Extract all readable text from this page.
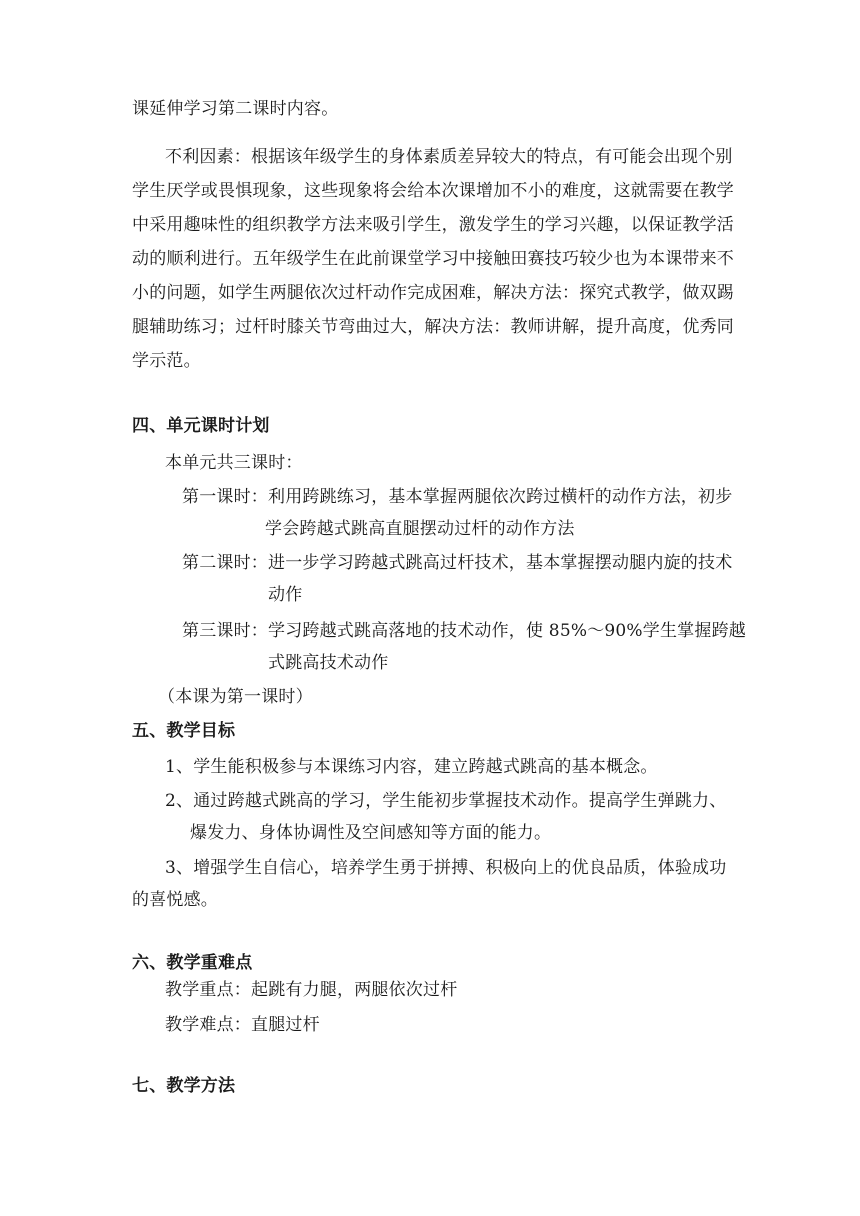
课延伸学习第二课时内容。
不利因素：根据该年级学生的身体素质差异较大的特点，有可能会出现个别
学生厌学或畏惧现象，这些现象将会给本次课增加不小的难度，这就需要在教学
中采用趣味性的组织教学方法来吸引学生，激发学生的学习兴趣，以保证教学活
动的顺利进行。五年级学生在此前课堂学习中接触田赛技巧较少也为本课带来不
小的问题，如学生两腿依次过杆动作完成困难，解决方法：探究式教学，做双踢
腿辅助练习；过杆时膝关节弯曲过大，解决方法：教师讲解，提升高度，优秀同
学示范。
四、单元课时计划
本单元共三课时：
第一课时：利用跨跳练习，基本掌握两腿依次跨过横杆的动作方法，初步
学会跨越式跳高直腿摆动过杆的动作方法
第二课时：进一步学习跨越式跳高过杆技术，基本掌握摆动腿内旋的技术
动作
第三课时：学习跨越式跳高落地的技术动作，使 85%～90%学生掌握跨越
式跳高技术动作
（本课为第一课时）
五、教学目标
1、学生能积极参与本课练习内容，建立跨越式跳高的基本概念。
2、通过跨越式跳高的学习，学生能初步掌握技术动作。提高学生弹跳力、
爆发力、身体协调性及空间感知等方面的能力。
3、增强学生自信心，培养学生勇于拼搏、积极向上的优良品质，体验成功
的喜悦感。
六、教学重难点
教学重点：起跳有力腿，两腿依次过杆
教学难点：直腿过杆
七、教学方法
